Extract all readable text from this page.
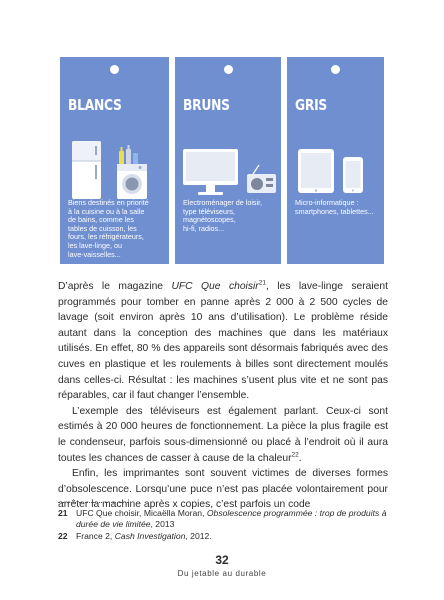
BLANCS
Biens destinés en priorité
à la cuisine ou à la salle
de bains, comme les
tables de cuisson, les
fours, les réfrigérateurs,
les lave-linge, ou
lave-vaisselles...
BRUNS
Electroménager de loisir,
type téléviseurs,
magnétoscopes,
hi-fi, radios...
GRIS
Micro-informatique :
smartphones, tablettes...

D’après le magazine UFC Que choisir$^{21}$, les lave-linge seraient programmés pour tomber en panne après 2 000 à 2 500 cycles de lavage (soit environ après 10 ans d’utilisation). Le problème réside autant dans la conception des machines que dans les matériaux utilisés. En effet, 80 % des appareils sont désormais fabriqués avec des cuves en plastique et les roulements à billes sont directement moulés dans celles-ci. Résultat : les machines s’usent plus vite et ne sont pas réparables, car il faut changer l’ensemble.

L’exemple des téléviseurs est également parlant. Ceux-ci sont estimés à 20 000 heures de fonctionnement. La pièce la plus fragile est le condenseur, parfois sous-dimensionné ou placé à l’endroit où il aura toutes les chances de casser à cause de la chaleur$^{22}$.

Enfin, les imprimantes sont souvent victimes de diverses formes d’obsolescence. Lorsqu’une puce n’est pas placée volontairement pour arrêter la machine après x copies, c’est parfois un code

21 UFC Que choisir, Micaëlla Moran, Obsolescence programmée : trop de produits à durée de vie limitée, 2013

22 France 2, Cash Investigation, 2012.

32
Du jetable au durable
